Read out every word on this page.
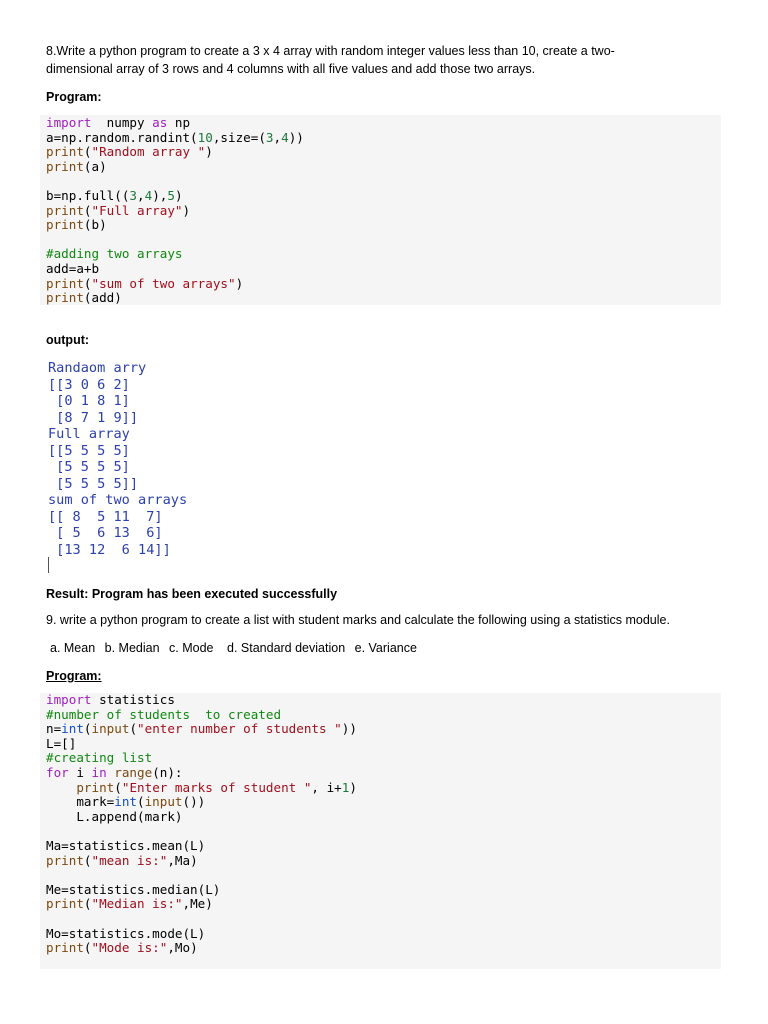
8.Write a python program to create a 3 x 4 array with random integer values less than 10, create a two-
dimensional array of 3 rows and 4 columns with all five values and add those two arrays.
Program:
import  numpy as np
a=np.random.randint(10,size=(3,4))
print("Random array ")
print(a)
b=np.full((3,4),5)
print("Full array")
print(b)
#adding two arrays
add=a+b
print("sum of two arrays")
print(add)
output:
Randaom arry
[[3 0 6 2]
[0 1 8 1]
[8 7 1 9]]
Full array
[[5 5 5 5]
[5 5 5 5]
[5 5 5 5]]
sum of two arrays
[[ 8  5 11  7]
[ 5  6 13  6]
[13 12  6 14]]
Result: Program has been executed successfully
9. write a python program to create a list with student marks and calculate the following using a statistics module.
a. Mean b. Median c. Mode d. Standard deviation e. Variance
Program:
import statistics
#number of students  to created
n=int(input("enter number of students "))
L=[]
#creating list
for i in range(n):
print("Enter marks of student ", i+1)
mark=int(input())
L.append(mark)
Ma=statistics.mean(L)
print("mean is:",Ma)
Me=statistics.median(L)
print("Median is:",Me)
Mo=statistics.mode(L)
print("Mode is:",Mo)
